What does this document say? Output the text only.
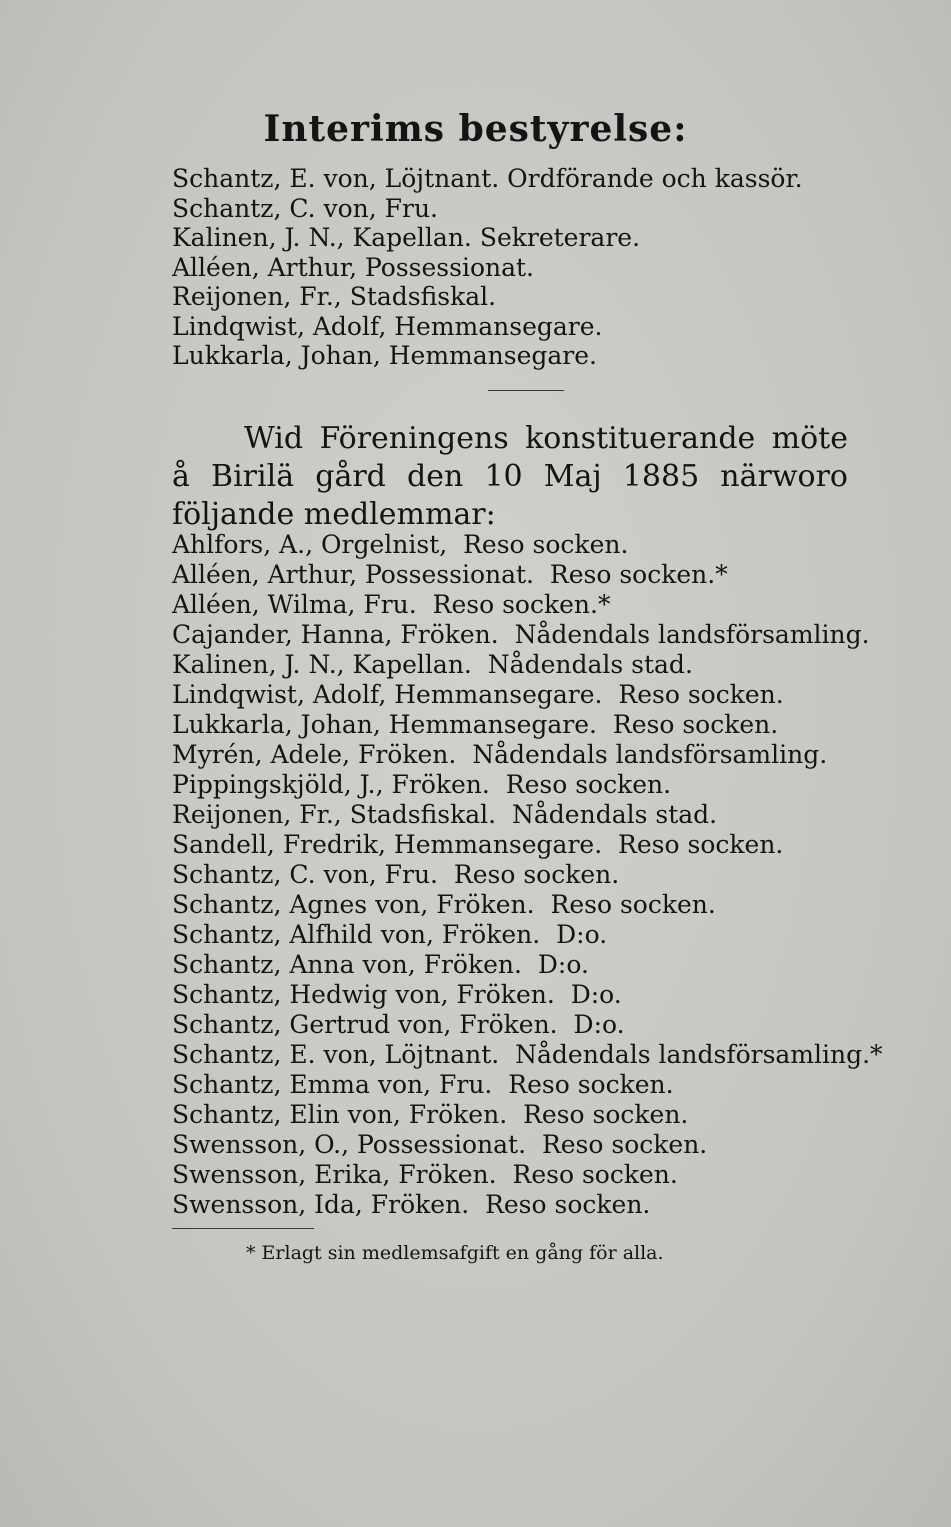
Interims bestyrelse:
Schantz, E. von, Löjtnant. Ordförande och kassör.
Schantz, C. von, Fru.
Kalinen, J. N., Kapellan. Sekreterare.
Alléen, Arthur, Possessionat.
Reijonen, Fr., Stadsfiskal.
Lindqwist, Adolf, Hemmansegare.
Lukkarla, Johan, Hemmansegare.
Wid Föreningens konstituerande möte å Birilä gård den 10 Maj 1885 närworo följande medlemmar:
Ahlfors, A., Orgelnist, Reso socken.
Alléen, Arthur, Possessionat. Reso socken.*
Alléen, Wilma, Fru. Reso socken.*
Cajander, Hanna, Fröken. Nådendals landsförsamling.
Kalinen, J. N., Kapellan. Nådendals stad.
Lindqwist, Adolf, Hemmansegare. Reso socken.
Lukkarla, Johan, Hemmansegare. Reso socken.
Myrén, Adele, Fröken. Nådendals landsförsamling.
Pippingskjöld, J., Fröken. Reso socken.
Reijonen, Fr., Stadsfiskal. Nådendals stad.
Sandell, Fredrik, Hemmansegare. Reso socken.
Schantz, C. von, Fru. Reso socken.
Schantz, Agnes von, Fröken. Reso socken.
Schantz, Alfhild von, Fröken. D:o.
Schantz, Anna von, Fröken. D:o.
Schantz, Hedwig von, Fröken. D:o.
Schantz, Gertrud von, Fröken. D:o.
Schantz, E. von, Löjtnant. Nådendals landsförsamling.*
Schantz, Emma von, Fru. Reso socken.
Schantz, Elin von, Fröken. Reso socken.
Swensson, O., Possessionat. Reso socken.
Swensson, Erika, Fröken. Reso socken.
Swensson, Ida, Fröken. Reso socken.
* Erlagt sin medlemsafgift en gång för alla.
